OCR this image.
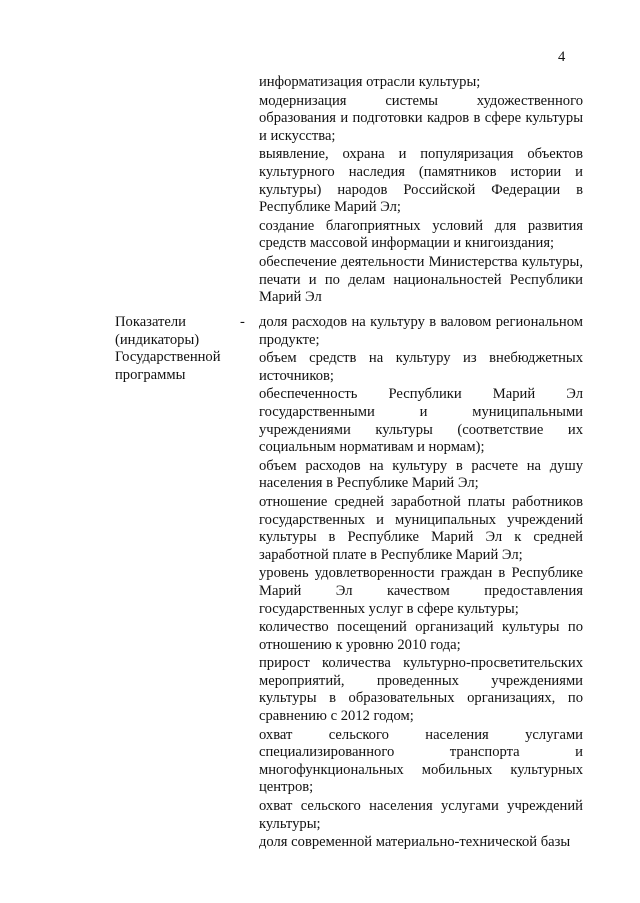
4

информатизация отрасли культуры;

модернизация системы художественного образования и подготовки кадров в сфере культуры и искусства;

выявление, охрана и популяризация объектов культурного наследия (памятников истории и культуры) народов Российской Федерации в Республике Марий Эл;

создание благоприятных условий для развития средств массовой информации и книгоиздания;

обеспечение деятельности Министерства культуры, печати и по делам национальностей Республики Марий Эл

Показатели (индикаторы) Государственной программы

- доля расходов на культуру в валовом региональном продукте;

объем средств на культуру из внебюджетных источников;

обеспеченность Республики Марий Эл государственными и муниципальными учреждениями культуры (соответствие их социальным нормативам и нормам);

объем расходов на культуру в расчете на душу населения в Республике Марий Эл;

отношение средней заработной платы работников государственных и муниципальных учреждений культуры в Республике Марий Эл к средней заработной плате в Республике Марий Эл;

уровень удовлетворенности граждан в Республике Марий Эл качеством предоставления государственных услуг в сфере культуры;

количество посещений организаций культуры по отношению к уровню 2010 года;

прирост количества культурно-просветительских мероприятий, проведенных учреждениями культуры в образовательных организациях, по сравнению с 2012 годом;

охват сельского населения услугами специализированного транспорта и многофункциональных мобильных культурных центров;

охват сельского населения услугами учреждений культуры;

доля современной материально-технической базы
